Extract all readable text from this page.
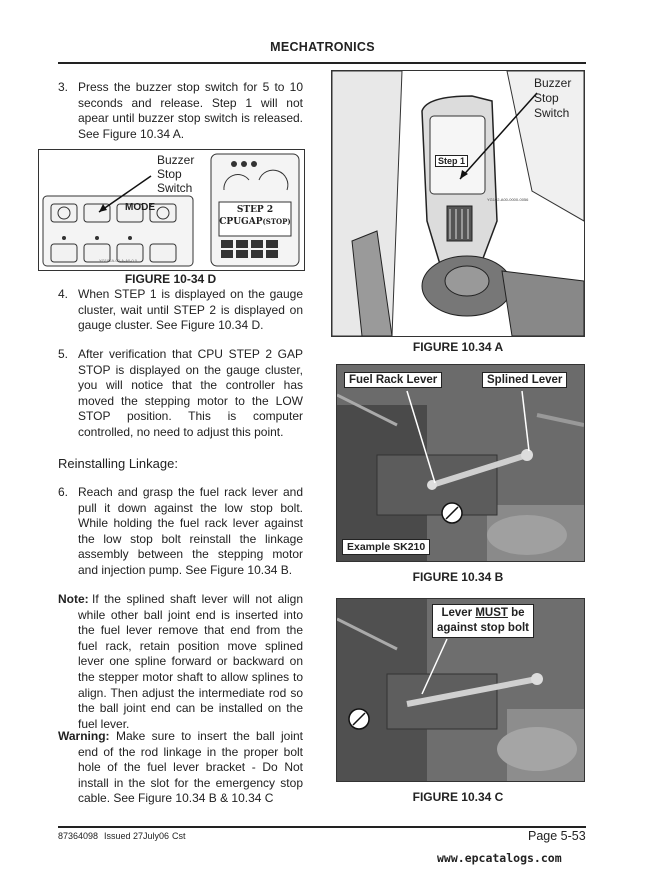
MECHATRONICS
3. Press the buzzer stop switch for 5 to 10 seconds and release. Step 1 will not apear until buzzer stop switch is released. See Figure 10.34 A.
MODE
Buzzer
Stop
Switch
STEP 2
CPUGAP(STOP)
YG102A-00-A-A0-0.0
FIGURE 10-34 D
4. When STEP 1 is displayed on the gauge cluster, wait until STEP 2 is displayed on gauge cluster. See Figure 10.34 D.
5. After verification that CPU STEP 2 GAP STOP is displayed on the gauge cluster, you will notice that the controller has moved the stepping motor to the LOW STOP position. This is computer controlled, no need to adjust this point.
Reinstalling Linkage:
6. Reach and grasp the fuel rack lever and pull it down against the low stop bolt. While holding the fuel rack lever against the low stop bolt reinstall the linkage assembly between the stepping motor and injection pump. See Figure 10.34 B.
Note: If the splined shaft lever will not align while other ball joint end is inserted into the fuel lever remove that end from the fuel rack, retain position move splined lever one spline forward or backward on the stepper motor shaft to allow splines to align. Then adjust the intermediate rod so the ball joint end can be installed on the fuel lever.
Warning: Make sure to insert the ball joint end of the rod linkage in the proper bolt hole of the fuel lever bracket - Do Not install in the slot for the emergency stop cable. See Figure 10.34 B & 10.34 C
Step 1
Buzzer
Stop
Switch
YG102-A00-0000-0056
FIGURE 10.34 A
Fuel Rack Lever	Splined Lever
Example SK210
FIGURE 10.34 B
Lever MUST be
against stop bolt
FIGURE 10.34 C
87364098 Issued 27July06 Cst	Page 5-53
www.epcatalogs.com
